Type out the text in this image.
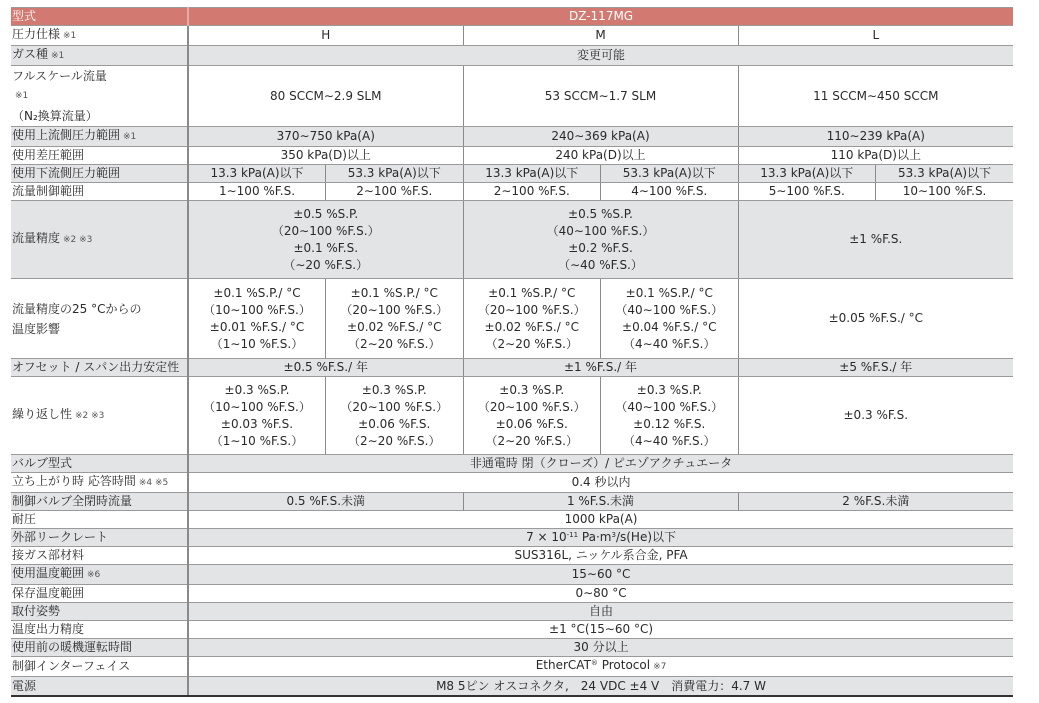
型式	DZ-117MG					
圧力仕様 ※1	H		M		L	
ガス種 ※1	変更可能					

フルスケール流量
※1
（N₂換算流量）	80 SCCM∼2.9 SLM		53 SCCM∼1.7 SLM		11 SCCM∼450 SCCM	
使用上流側圧力範囲 ※1	370∼750 kPa(A)		240∼369 kPa(A)		110∼239 kPa(A)	
使用差圧範囲	350 kPa(D)以上		240 kPa(D)以上		110 kPa(D)以上	
使用下流側圧力範囲	13.3 kPa(A)以下	53.3 kPa(A)以下	13.3 kPa(A)以下	53.3 kPa(A)以下	13.3 kPa(A)以下	53.3 kPa(A)以下
流量制御範囲	1∼100 %F.S.	2∼100 %F.S.	2∼100 %F.S.	4∼100 %F.S.	5∼100 %F.S.	10∼100 %F.S.
流量精度 ※2 ※3	±0.5 %S.P.
（20∼100 %F.S.）
±0.1 %F.S.
（∼20 %F.S.）		±0.5 %S.P.
（40∼100 %F.S.）
±0.2 %F.S.
（∼40 %F.S.）		±1 %F.S.	

流量精度の25 °Cからの
温度影響	±0.1 %S.P./ °C
（10∼100 %F.S.）
±0.01 %F.S./ °C
（1∼10 %F.S.）	±0.1 %S.P./ °C
（20∼100 %F.S.）
±0.02 %F.S./ °C
（2∼20 %F.S.）	±0.1 %S.P./ °C
（20∼100 %F.S.）
±0.02 %F.S./ °C
（2∼20 %F.S.）	±0.1 %S.P./ °C
（40∼100 %F.S.）
±0.04 %F.S./ °C
（4∼40 %F.S.）	±0.05 %F.S./ °C	
オフセット / スパン出力安定性	±0.5 %F.S./ 年		±1 %F.S./ 年		±5 %F.S./ 年	
繰り返し性 ※2 ※3	±0.3 %S.P.
（10∼100 %F.S.）
±0.03 %F.S.
（1∼10 %F.S.）	±0.3 %S.P.
（20∼100 %F.S.）
±0.06 %F.S.
（2∼20 %F.S.）	±0.3 %S.P.
（20∼100 %F.S.）
±0.06 %F.S.
（2∼20 %F.S.）	±0.3 %S.P.
（40∼100 %F.S.）
±0.12 %F.S.
（4∼40 %F.S.）	±0.3 %F.S.	
バルブ型式	非通電時 閉（クローズ）/ ピエゾアクチュエータ					
立ち上がり時 応答時間 ※4 ※5	0.4 秒以内					
制御バルブ全閉時流量	0.5 %F.S.未満		1 %F.S.未満		2 %F.S.未満	
耐圧	1000 kPa(A)					
外部リークレート	$7 \times 10^{-11}$ $Pa\cdot m^3/s(He)$以下					
接ガス部材料	SUS316L, ニッケル系合金, PFA					
使用温度範囲 ※6	15∼60 °C					
保存温度範囲	0∼80 °C					
取付姿勢	自由					
温度出力精度	±1 °C(15∼60 °C)					
使用前の暖機運転時間	30 分以上					
制御インターフェイス	EtherCAT® Protocol ※7					
電源	M8 5ピン オスコネクタ,　24 VDC ±4 V　消費電力：4.7 W					
